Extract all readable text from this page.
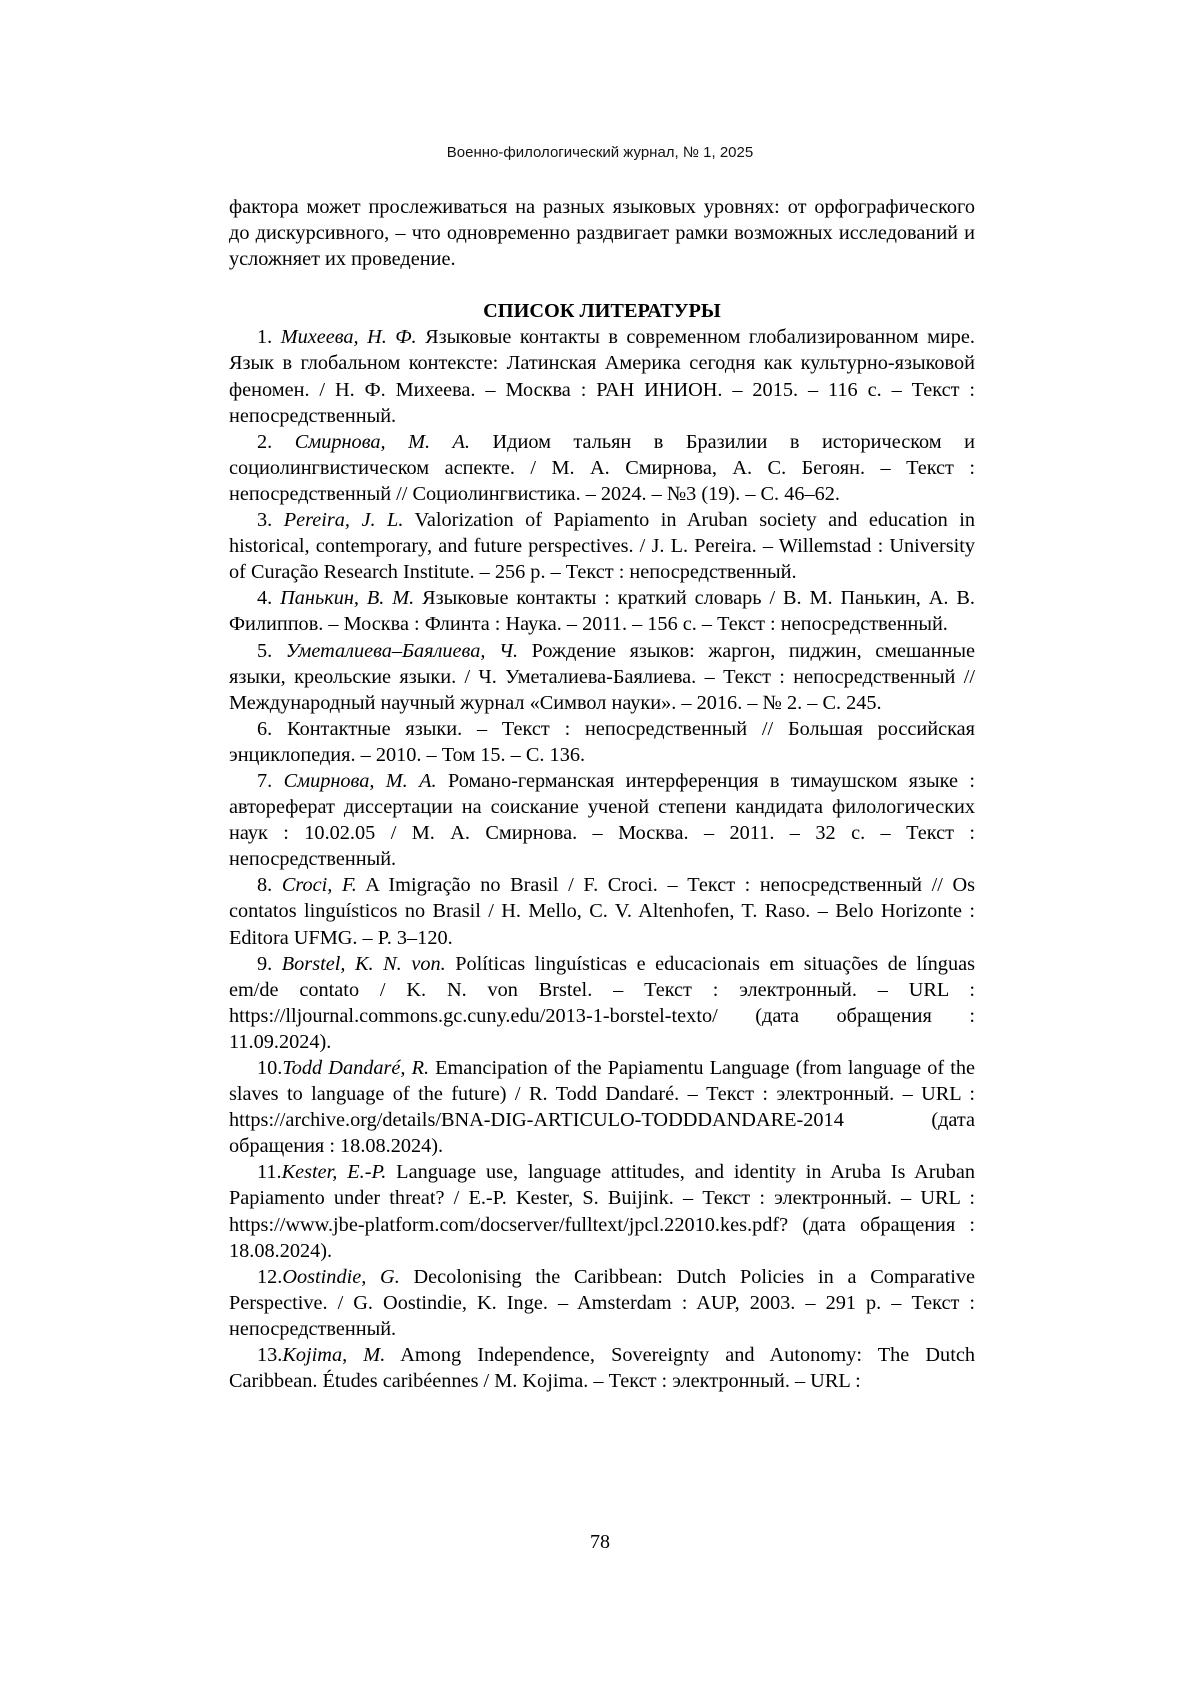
Военно-филологический журнал, № 1, 2025

фактора может прослеживаться на разных языковых уровнях: от орфографического до дискурсивного, – что одновременно раздвигает рамки возможных исследований и усложняет их проведение.

СПИСОК ЛИТЕРАТУРЫ

1. Михеева, Н. Ф. Языковые контакты в современном глобализированном мире. Язык в глобальном контексте: Латинская Америка сегодня как культурно-языковой феномен. / Н. Ф. Михеева. – Москва : РАН ИНИОН. – 2015. – 116 с. – Текст : непосредственный.

2. Смирнова, М. А. Идиом тальян в Бразилии в историческом и социолингвистическом аспекте. / М. А. Смирнова, А. С. Бегоян. – Текст : непосредственный // Социолингвистика. – 2024. – №3 (19). – С. 46–62.

3. Pereira, J. L. Valorization of Papiamento in Aruban society and education in historical, contemporary, and future perspectives. / J. L. Pereira. – Willemstad : University of Curação Research Institute. – 256 p. – Текст : непосредственный.

4. Панькин, В. М. Языковые контакты : краткий словарь / В. М. Панькин, А. В. Филиппов. – Москва : Флинта : Наука. – 2011. – 156 с. – Текст : непосредственный.

5. Уметалиева–Баялиева, Ч. Рождение языков: жаргон, пиджин, смешанные языки, креольские языки. / Ч. Уметалиева-Баялиева. – Текст : непосредственный // Международный научный журнал «Символ науки». – 2016. – № 2. – С. 245.

6. Контактные языки. – Текст : непосредственный // Большая российская энциклопедия. – 2010. – Том 15. – С. 136.

7. Смирнова, М. А. Романо-германская интерференция в тимаушском языке : автореферат диссертации на соискание ученой степени кандидата филологических наук : 10.02.05 / М. А. Смирнова. – Москва. – 2011. – 32 с. – Текст : непосредственный.

8. Croci, F. A Imigração no Brasil / F. Croci. – Текст : непосредственный // Os contatos linguísticos no Brasil / H. Mello, C. V. Altenhofen, T. Raso. – Belo Horizonte : Editora UFMG. – P. 3–120.

9. Borstel, K. N. von. Políticas linguísticas e educacionais em situações de línguas em/de contato / K. N. von Brstel. – Текст : электронный. – URL : https://lljournal.commons.gc.cuny.edu/2013-1-borstel-texto/ (дата обращения : 11.09.2024).

10.Todd Dandaré, R. Emancipation of the Papiamentu Language (from language of the slaves to language of the future) / R. Todd Dandaré. – Текст : электронный. – URL : https://archive.org/details/BNA-DIG-ARTICULO-TODDDANDARE-2014 (дата обращения : 18.08.2024).

11.Kester, E.-P. Language use, language attitudes, and identity in Aruba Is Aruban Papiamento under threat? / E.-P. Kester, S. Buijink. – Текст : электронный. – URL : https://www.jbe-platform.com/docserver/fulltext/jpcl.22010.kes.pdf? (дата обращения : 18.08.2024).

12.Oostindie, G. Decolonising the Caribbean: Dutch Policies in a Comparative Perspective. / G. Oostindie, K. Inge. – Amsterdam : AUP, 2003. – 291 p. – Текст : непосредственный.

13.Kojima, M. Among Independence, Sovereignty and Autonomy: The Dutch Caribbean. Études caribéennes / M. Kojima. – Текст : электронный. – URL :

78
